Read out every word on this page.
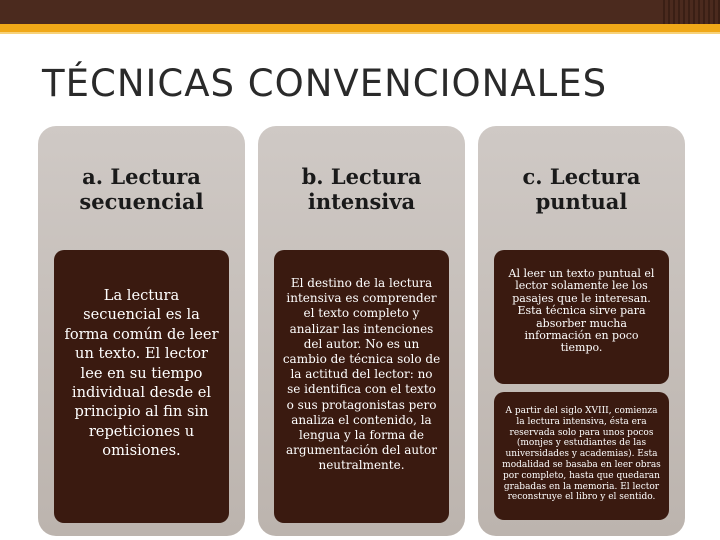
TÉCNICAS CONVENCIONALES
a. Lectura secuencial
La lectura secuencial es la forma común de leer un texto. El lector lee en su tiempo individual desde el principio al fin sin repeticiones u omisiones.
b. Lectura intensiva
El destino de la lectura intensiva es comprender el texto completo y analizar las intenciones del autor. No es un cambio de técnica solo de la actitud del lector: no se identifica con el texto o sus protagonistas pero analiza el contenido, la lengua y la forma de argumentación del autor neutralmente.
c. Lectura puntual
Al leer un texto puntual el lector solamente lee los pasajes que le interesan. Esta técnica sirve para absorber mucha información en poco tiempo.
A partir del siglo XVIII, comienza la lectura intensiva, ésta era reservada solo para unos pocos (monjes y estudiantes de las universidades y academias). Esta modalidad se basaba en leer obras por completo, hasta que quedaran grabadas en la memoria. El lector reconstruye el libro y el sentido.
